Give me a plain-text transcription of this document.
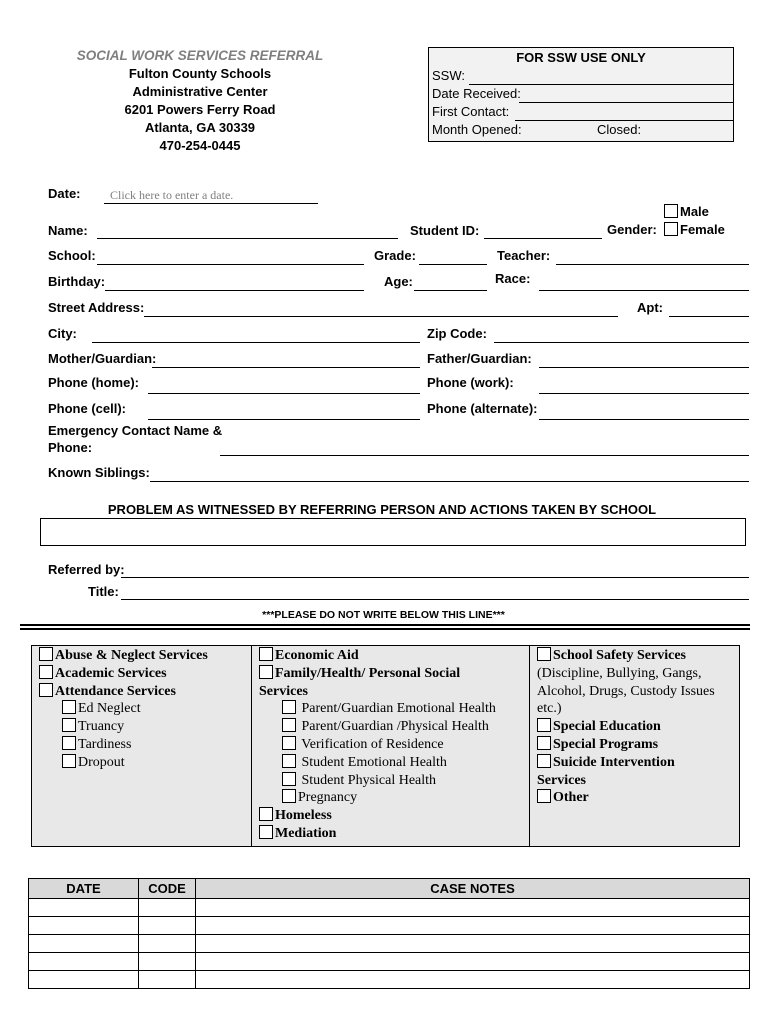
SOCIAL WORK SERVICES REFERRAL
Fulton County Schools
Administrative Center
6201 Powers Ferry Road
Atlanta, GA 30339
470-254-0445
FOR SSW USE ONLY
SSW:
Date Received:
First Contact:
Month Opened:	Closed:
Date: Click here to enter a date.
Male
Gender:	Female
Name:	Student ID:
School:	Grade:	Teacher:
Birthday:	Age:	Race:
Street Address:	Apt:
City:	Zip Code:
Mother/Guardian:	Father/Guardian:
Phone (home):	Phone (work):
Phone (cell):	Phone (alternate):
Emergency Contact Name &
Phone:
Known Siblings:
PROBLEM AS WITNESSED BY REFERRING PERSON AND ACTIONS TAKEN BY SCHOOL
Referred by:
Title:
***PLEASE DO NOT WRITE BELOW THIS LINE***
Abuse & Neglect Services
Academic Services
Attendance Services
Ed Neglect
Truancy
Tardiness
Dropout
Economic Aid
Family/Health/ Personal Social
Services
Parent/Guardian Emotional Health
Parent/Guardian /Physical Health
Verification of Residence
Student Emotional Health
Student Physical Health
Pregnancy
Homeless
Mediation
School Safety Services
(Discipline, Bullying, Gangs,
Alcohol, Drugs, Custody Issues
etc.)
Special Education
Special Programs
Suicide Intervention
Services
Other
DATE	CODE	CASE NOTES
